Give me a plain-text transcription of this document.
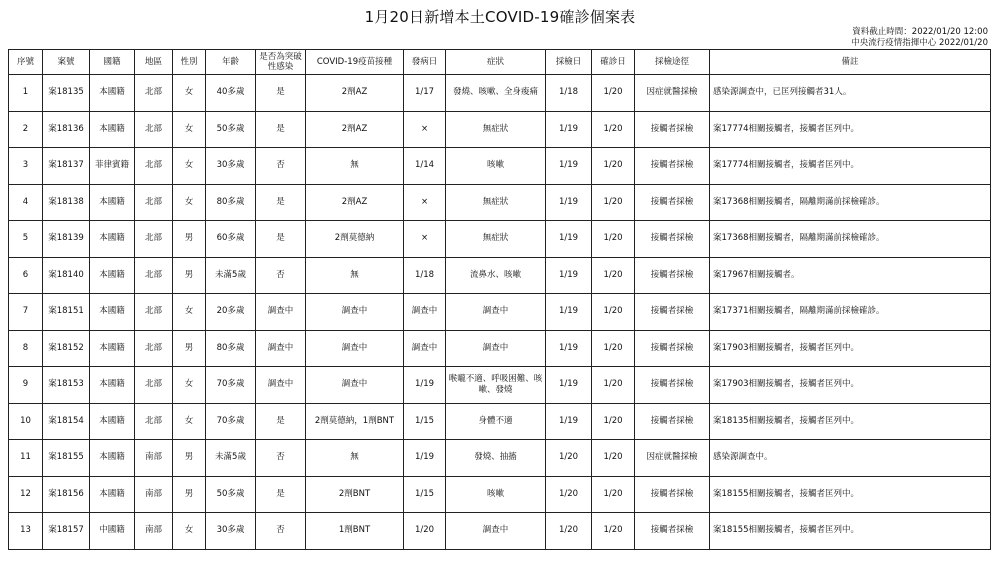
1月20日新增本土COVID-19確診個案表
資料截止時間：2022/01/20 12:00
中央流行疫情指揮中心 2022/01/20
序號	案號	國籍	地區	性別	年齡	是否為突破性感染	COVID-19疫苗接種	發病日	症狀	採檢日	確診日	採檢途徑	備註
1	案18135	本國籍	北部	女	40多歲	是	2劑AZ	1/17	發燒、咳嗽、全身痠痛	1/18	1/20	因症就醫採檢	感染源調查中，已匡列接觸者31人。
2	案18136	本國籍	北部	女	50多歲	是	2劑AZ	×	無症狀	1/19	1/20	接觸者採檢	案17774相關接觸者，接觸者匡列中。
3	案18137	菲律賓籍	北部	女	30多歲	否	無	1/14	咳嗽	1/19	1/20	接觸者採檢	案17774相關接觸者，接觸者匡列中。
4	案18138	本國籍	北部	女	80多歲	是	2劑AZ	×	無症狀	1/19	1/20	接觸者採檢	案17368相關接觸者，隔離期滿前採檢確診。
5	案18139	本國籍	北部	男	60多歲	是	2劑莫德納	×	無症狀	1/19	1/20	接觸者採檢	案17368相關接觸者，隔離期滿前採檢確診。
6	案18140	本國籍	北部	男	未滿5歲	否	無	1/18	流鼻水、咳嗽	1/19	1/20	接觸者採檢	案17967相關接觸者。
7	案18151	本國籍	北部	女	20多歲	調查中	調查中	調查中	調查中	1/19	1/20	接觸者採檢	案17371相關接觸者，隔離期滿前採檢確診。
8	案18152	本國籍	北部	男	80多歲	調查中	調查中	調查中	調查中	1/19	1/20	接觸者採檢	案17903相關接觸者，接觸者匡列中。
9	案18153	本國籍	北部	女	70多歲	調查中	調查中	1/19	喉嚨不適、呼吸困難、咳嗽、發燒	1/19	1/20	接觸者採檢	案17903相關接觸者，接觸者匡列中。
10	案18154	本國籍	北部	女	70多歲	是	2劑莫德納，1劑BNT	1/15	身體不適	1/19	1/20	接觸者採檢	案18135相關接觸者，接觸者匡列中。
11	案18155	本國籍	南部	男	未滿5歲	否	無	1/19	發燒、抽搐	1/20	1/20	因症就醫採檢	感染源調查中。
12	案18156	本國籍	南部	男	50多歲	是	2劑BNT	1/15	咳嗽	1/20	1/20	接觸者採檢	案18155相關接觸者，接觸者匡列中。
13	案18157	中國籍	南部	女	30多歲	否	1劑BNT	1/20	調查中	1/20	1/20	接觸者採檢	案18155相關接觸者，接觸者匡列中。
